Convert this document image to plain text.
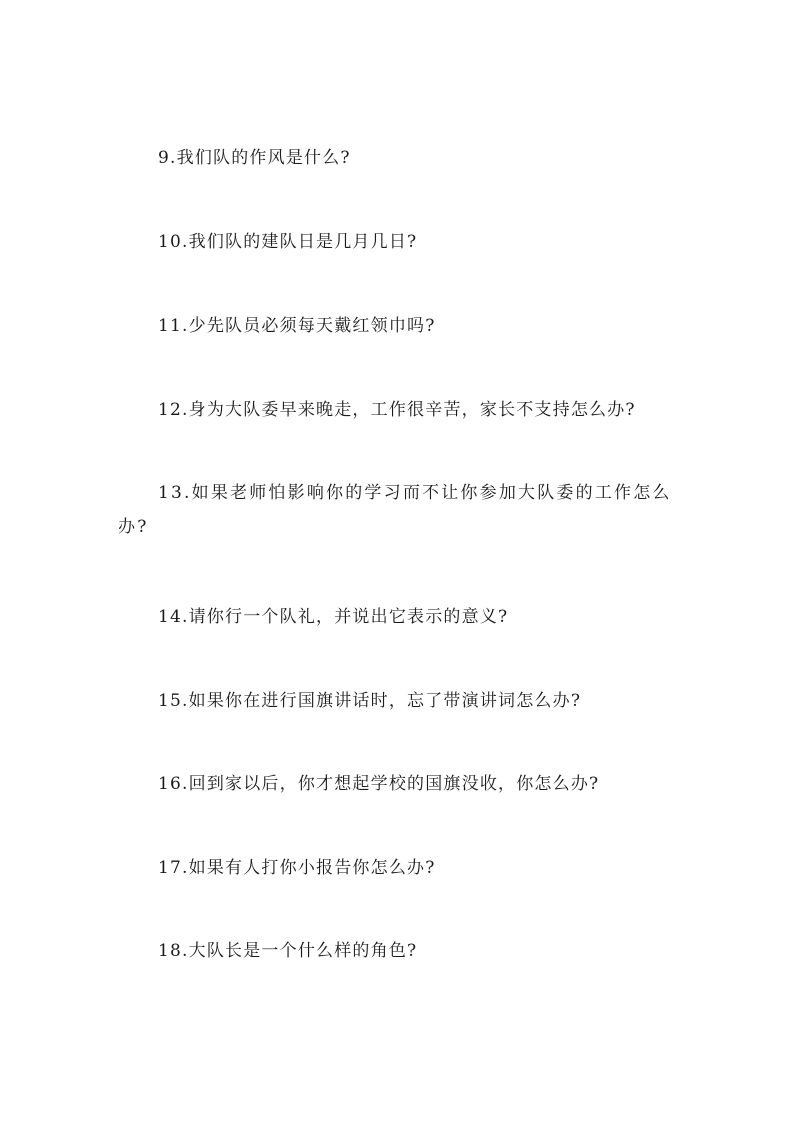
9.我们队的作风是什么?

10.我们队的建队日是几月几日?

11.少先队员必须每天戴红领巾吗?

12.身为大队委早来晚走，工作很辛苦，家长不支持怎么办?

13.如果老师怕影响你的学习而不让你参加大队委的工作怎么办?

14.请你行一个队礼，并说出它表示的意义?

15.如果你在进行国旗讲话时，忘了带演讲词怎么办?

16.回到家以后，你才想起学校的国旗没收，你怎么办?

17.如果有人打你小报告你怎么办?

18.大队长是一个什么样的角色?
